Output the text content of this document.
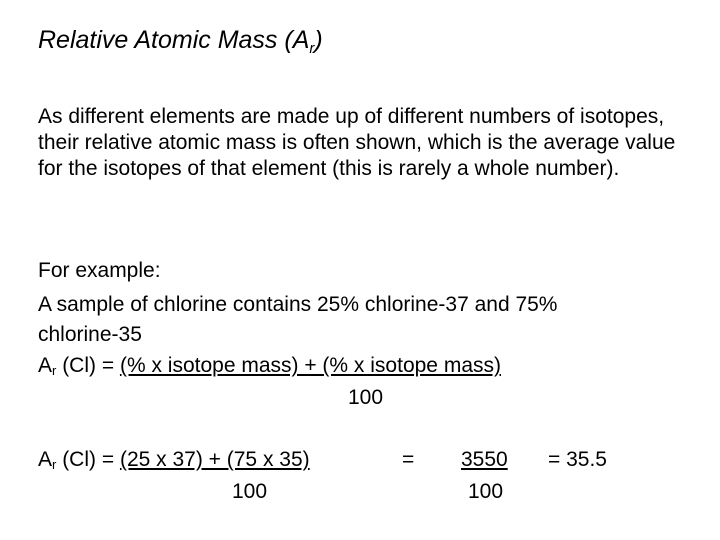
Relative Atomic Mass $(A_r)$
As different elements are made up of different numbers of isotopes, their relative atomic mass is often shown, which is the average value for the isotopes of that element (this is rarely a whole number).
For example:
A sample of chlorine contains 25% chlorine-37 and 75%
chlorine-35
$A_r$ (Cl) = (% x isotope mass) + (% x isotope mass)
100
$A_r$ (Cl) = (25 x 37) + (75 x 35)
100
= 3550
100
= 35.5
